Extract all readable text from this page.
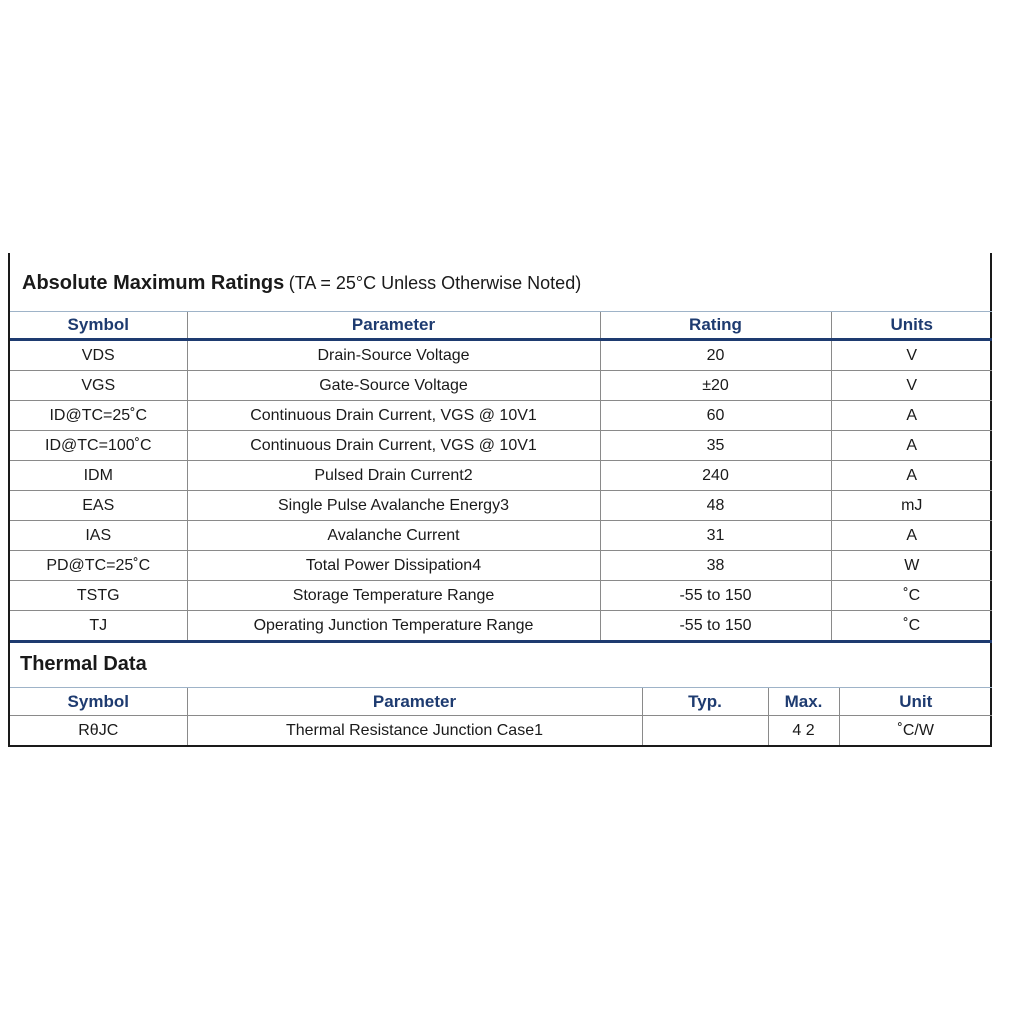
Absolute Maximum Ratings (TA = 25°C Unless Otherwise Noted)
Symbol	Parameter	Rating	Units
VDS	Drain-Source Voltage	20	V
VGS	Gate-Source Voltage	±20	V
ID@TC=25˚C	Continuous Drain Current, VGS @ 10V1	60	A
ID@TC=100˚C	Continuous Drain Current, VGS @ 10V1	35	A
IDM	Pulsed Drain Current2	240	A
EAS	Single Pulse Avalanche Energy3	48	mJ
IAS	Avalanche Current	31	A
PD@TC=25˚C	Total Power Dissipation4	38	W
TSTG	Storage Temperature Range	-55 to 150	˚C
TJ	Operating Junction Temperature Range	-55 to 150	˚C
Thermal Data
Symbol	Parameter	Typ.	Max.	Unit
RθJC	Thermal Resistance Junction Case1		4 2	˚C/W
